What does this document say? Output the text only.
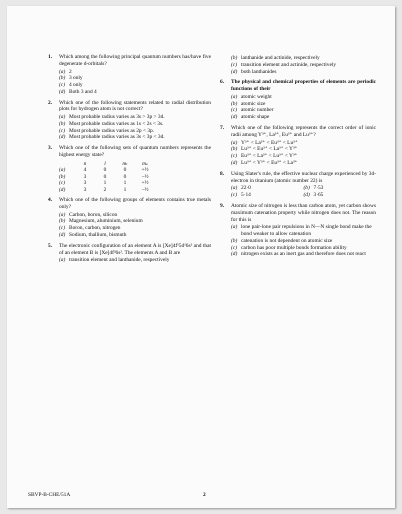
1. Which among the following principal quantum numbers has/have five degenerate d-orbitals?
(a) 2
(b) 3 only
(c) 4 only
(d) Both 3 and 4
2. Which one of the following statements related to radial distribution plots for hydrogen atom is not correct?
(a) Most probable radius varies as 3s > 3p > 3d.
(b) Most probable radius varies as 1s < 2s < 3s.
(c) Most probable radius varies as 2p < 3p.
(d) Most probable radius varies as 3s < 3p < 3d.
3. Which one of the following sets of quantum numbers represents the highest energy state?
	n	l	mₗ	mₛ
(a)	4	0	0	+½
(b)	3	0	0	−½
(c)	3	1	1	+½
(d)	3	2	1	−½
4. Which one of the following groups of elements contains true metals only?
(a) Carbon, boron, silicon
(b) Magnesium, aluminium, selenium
(c) Boron, carbon, nitrogen
(d) Sodium, thallium, bismuth
5. The electronic configuration of an element A is [Xe]4f¹5d¹6s² and that of an element B is [Xe]4f³6s². The elements A and B are
(a) transition element and lanthanide, respectively
(b) lanthanide and actinide, respectively
(c) transition element and actinide, respectively
(d) both lanthanides
6. The physical and chemical properties of elements are periodic functions of their
(a) atomic weight
(b) atomic size
(c) atomic number
(d) atomic shape
7. Which one of the following represents the correct order of ionic radii among Y³⁺, La³⁺, Eu³⁺ and Lu³⁺?
(a) Y³⁺ < La³⁺ < Eu³⁺ < Lu³⁺
(b) Lu³⁺ < Eu³⁺ < La³⁺ < Y³⁺
(c) Eu³⁺ < La³⁺ < Lu³⁺ < Y³⁺
(d) Lu³⁺ < Y³⁺ < Eu³⁺ < La³⁺
8. Using Slater's rule, the effective nuclear charge experienced by 3d-electron in titanium (atomic number 22) is
(a) 22·0	(b) 7·53
(c) 5·14	(d) 3·65
9. Atomic size of nitrogen is less than carbon atom, yet carbon shows maximum catenation property while nitrogen does not. The reason for this is
(a) lone pair-lone pair repulsions in N—N single bond make the bond weaker to allow catenation
(b) catenation is not dependent on atomic size
(c) carbon has poor multiple bonds formation ability
(d) nitrogen exists as an inert gas and therefore does not react
SBVP-B-CHE/51A	2
